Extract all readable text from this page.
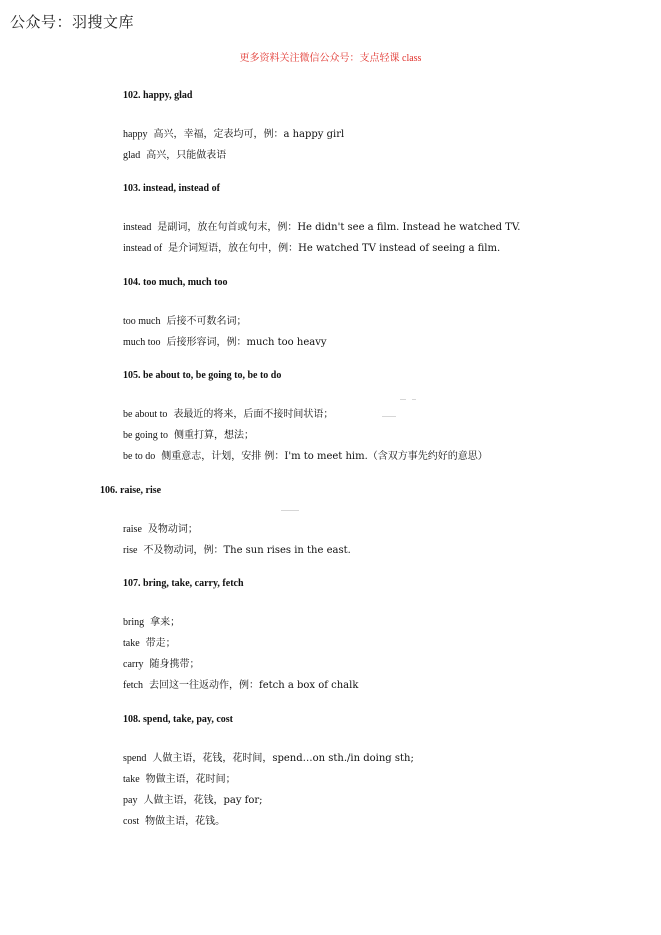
公众号：羽搜文库
更多资料关注微信公众号：支点轻课 class
102. happy, glad
happy 高兴，幸福，定表均可，例：a happy girl
glad 高兴，只能做表语
103. instead, instead of
instead 是副词，放在句首或句末，例：He didn't see a film. Instead he watched TV.
instead of 是介词短语，放在句中，例：He watched TV instead of seeing a film.
104. too much, much too
too much 后接不可数名词；
much too 后接形容词，例：much too heavy
105. be about to, be going to, be to do
be about to 表最近的将来，后面不接时间状语；
be going to 侧重打算，想法；
be to do 侧重意志，计划，安排 例：I'm to meet him.（含双方事先约好的意思）
106. raise, rise
raise 及物动词；
rise 不及物动词，例：The sun rises in the east.
107. bring, take, carry, fetch
bring 拿来；
take 带走；
carry 随身携带；
fetch 去回这一往返动作，例：fetch a box of chalk
108. spend, take, pay, cost
spend 人做主语，花钱，花时间，spend…on sth./in doing sth;
take 物做主语，花时间；
pay 人做主语，花钱，pay for;
cost 物做主语，花钱。
